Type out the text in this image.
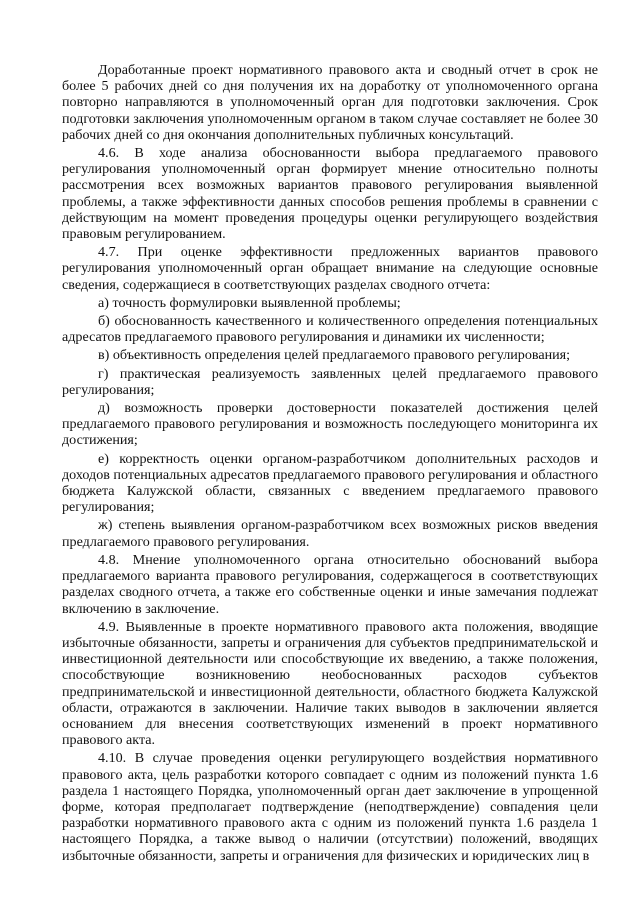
Доработанные проект нормативного правового акта и сводный отчет в срок не более 5 рабочих дней со дня получения их на доработку от уполномоченного органа повторно направляются в уполномоченный орган для подготовки заключения. Срок подготовки заключения уполномоченным органом в таком случае составляет не более 30 рабочих дней со дня окончания дополнительных публичных консультаций.

4.6. В ходе анализа обоснованности выбора предлагаемого правового регулирования уполномоченный орган формирует мнение относительно полноты рассмотрения всех возможных вариантов правового регулирования выявленной проблемы, а также эффективности данных способов решения проблемы в сравнении с действующим на момент проведения процедуры оценки регулирующего воздействия правовым регулированием.

4.7. При оценке эффективности предложенных вариантов правового регулирования уполномоченный орган обращает внимание на следующие основные сведения, содержащиеся в соответствующих разделах сводного отчета:

а) точность формулировки выявленной проблемы;

б) обоснованность качественного и количественного определения потенциальных адресатов предлагаемого правового регулирования и динамики их численности;

в) объективность определения целей предлагаемого правового регулирования;

г) практическая реализуемость заявленных целей предлагаемого правового регулирования;

д) возможность проверки достоверности показателей достижения целей предлагаемого правового регулирования и возможность последующего мониторинга их достижения;

е) корректность оценки органом-разработчиком дополнительных расходов и доходов потенциальных адресатов предлагаемого правового регулирования и областного бюджета Калужской области, связанных с введением предлагаемого правового регулирования;

ж) степень выявления органом-разработчиком всех возможных рисков введения предлагаемого правового регулирования.

4.8. Мнение уполномоченного органа относительно обоснований выбора предлагаемого варианта правового регулирования, содержащегося в соответствующих разделах сводного отчета, а также его собственные оценки и иные замечания подлежат включению в заключение.

4.9. Выявленные в проекте нормативного правового акта положения, вводящие избыточные обязанности, запреты и ограничения для субъектов предпринимательской и инвестиционной деятельности или способствующие их введению, а также положения, способствующие возникновению необоснованных расходов субъектов предпринимательской и инвестиционной деятельности, областного бюджета Калужской области, отражаются в заключении. Наличие таких выводов в заключении является основанием для внесения соответствующих изменений в проект нормативного правового акта.

4.10. В случае проведения оценки регулирующего воздействия нормативного правового акта, цель разработки которого совпадает с одним из положений пункта 1.6 раздела 1 настоящего Порядка, уполномоченный орган дает заключение в упрощенной форме, которая предполагает подтверждение (неподтверждение) совпадения цели разработки нормативного правового акта с одним из положений пункта 1.6 раздела 1 настоящего Порядка, а также вывод о наличии (отсутствии) положений, вводящих избыточные обязанности, запреты и ограничения для физических и юридических лиц в
